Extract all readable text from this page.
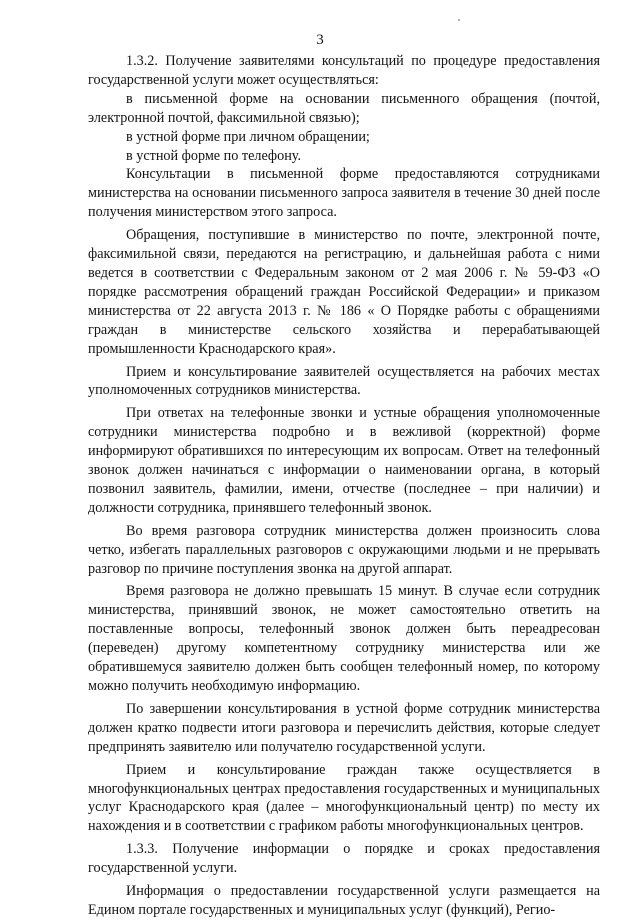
3

1.3.2. Получение заявителями консультаций по процедуре предоставления государственной услуги может осуществляться:

в письменной форме на основании письменного обращения (почтой, электронной почтой, факсимильной связью);

в устной форме при личном обращении;

в устной форме по телефону.

Консультации в письменной форме предоставляются сотрудниками министерства на основании письменного запроса заявителя в течение 30 дней после получения министерством этого запроса.

Обращения, поступившие в министерство по почте, электронной почте, факсимильной связи, передаются на регистрацию, и дальнейшая работа с ними ведется в соответствии с Федеральным законом от 2 мая 2006 г. № 59-ФЗ «О порядке рассмотрения обращений граждан Российской Федерации» и приказом министерства от 22 августа 2013 г. № 186 « О Порядке работы с обращениями граждан в министерстве сельского хозяйства и перерабатывающей промышленности Краснодарского края».

Прием и консультирование заявителей осуществляется на рабочих местах уполномоченных сотрудников министерства.

При ответах на телефонные звонки и устные обращения уполномоченные сотрудники министерства подробно и в вежливой (корректной) форме информируют обратившихся по интересующим их вопросам. Ответ на телефонный звонок должен начинаться с информации о наименовании органа, в который позвонил заявитель, фамилии, имени, отчестве (последнее – при наличии) и должности сотрудника, принявшего телефонный звонок.

Во время разговора сотрудник министерства должен произносить слова четко, избегать параллельных разговоров с окружающими людьми и не прерывать разговор по причине поступления звонка на другой аппарат.

Время разговора не должно превышать 15 минут. В случае если сотрудник министерства, принявший звонок, не может самостоятельно ответить на поставленные вопросы, телефонный звонок должен быть переадресован (переведен) другому компетентному сотруднику министерства или же обратившемуся заявителю должен быть сообщен телефонный номер, по которому можно получить необходимую информацию.

По завершении консультирования в устной форме сотрудник министерства должен кратко подвести итоги разговора и перечислить действия, которые следует предпринять заявителю или получателю государственной услуги.

Прием и консультирование граждан также осуществляется в многофункциональных центрах предоставления государственных и муниципальных услуг Краснодарского края (далее – многофункциональный центр) по месту их нахождения и в соответствии с графиком работы многофункциональных центров.

1.3.3. Получение информации о порядке и сроках предоставления государственной услуги.

Информация о предоставлении государственной услуги размещается на Едином портале государственных и муниципальных услуг (функций), Регио-
